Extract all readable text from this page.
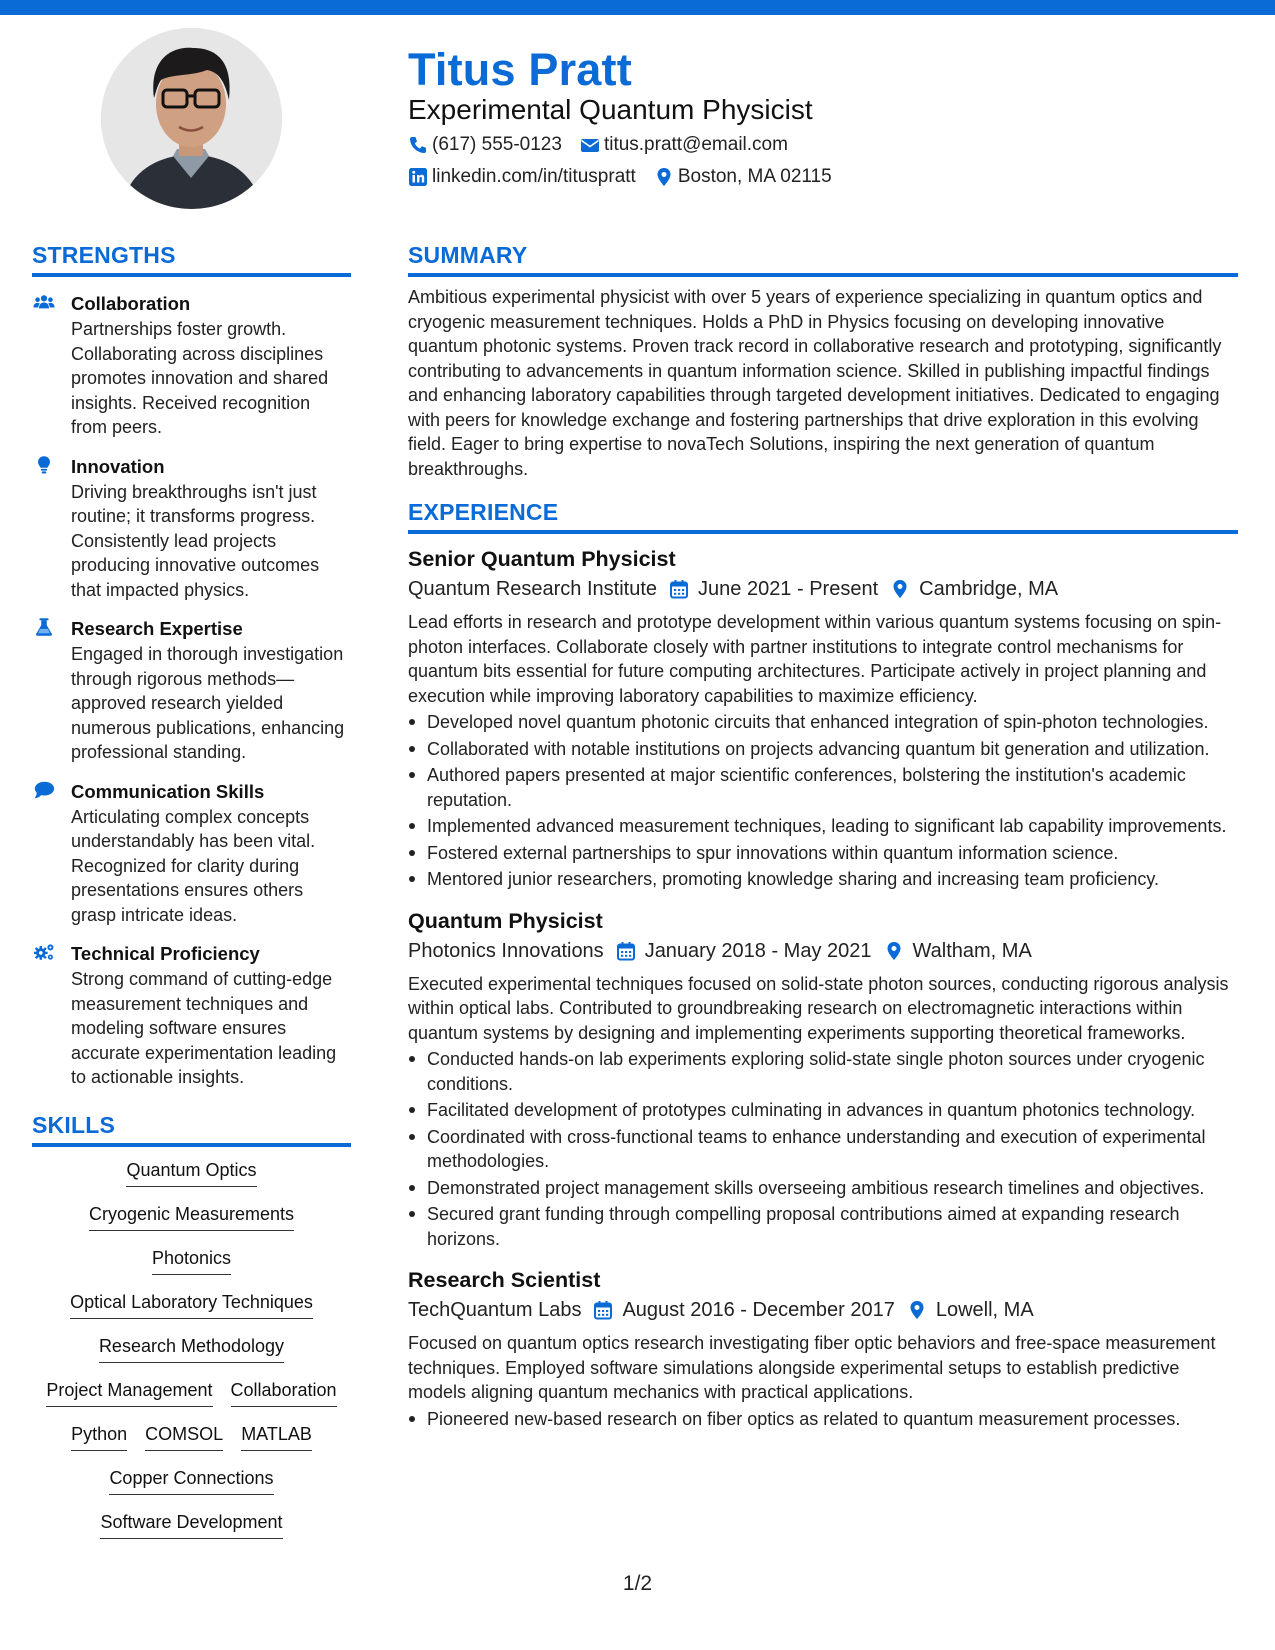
Titus Pratt
Experimental Quantum Physicist
(617) 555-0123 titus.pratt@email.com
linkedin.com/in/tituspratt Boston, MA 02115
STRENGTHS
Collaboration
Partnerships foster growth. Collaborating across disciplines promotes innovation and shared insights. Received recognition from peers.
Innovation
Driving breakthroughs isn't just routine; it transforms progress. Consistently lead projects producing innovative outcomes that impacted physics.
Research Expertise
Engaged in thorough investigation through rigorous methods—approved research yielded numerous publications, enhancing professional standing.
Communication Skills
Articulating complex concepts understandably has been vital. Recognized for clarity during presentations ensures others grasp intricate ideas.
Technical Proficiency
Strong command of cutting-edge measurement techniques and modeling software ensures accurate experimentation leading to actionable insights.
SKILLS
Quantum Optics
Cryogenic Measurements
Photonics
Optical Laboratory Techniques
Research Methodology
Project Management Collaboration
Python COMSOL MATLAB
Copper Connections
Software Development
SUMMARY
Ambitious experimental physicist with over 5 years of experience specializing in quantum optics and cryogenic measurement techniques. Holds a PhD in Physics focusing on developing innovative quantum photonic systems. Proven track record in collaborative research and prototyping, significantly contributing to advancements in quantum information science. Skilled in publishing impactful findings and enhancing laboratory capabilities through targeted development initiatives. Dedicated to engaging with peers for knowledge exchange and fostering partnerships that drive exploration in this evolving field. Eager to bring expertise to novaTech Solutions, inspiring the next generation of quantum breakthroughs.
EXPERIENCE
Senior Quantum Physicist
Quantum Research Institute June 2021 - Present Cambridge, MA
Lead efforts in research and prototype development within various quantum systems focusing on spin-photon interfaces. Collaborate closely with partner institutions to integrate control mechanisms for quantum bits essential for future computing architectures. Participate actively in project planning and execution while improving laboratory capabilities to maximize efficiency.
Developed novel quantum photonic circuits that enhanced integration of spin-photon technologies.
Collaborated with notable institutions on projects advancing quantum bit generation and utilization.
Authored papers presented at major scientific conferences, bolstering the institution's academic reputation.
Implemented advanced measurement techniques, leading to significant lab capability improvements.
Fostered external partnerships to spur innovations within quantum information science.
Mentored junior researchers, promoting knowledge sharing and increasing team proficiency.
Quantum Physicist
Photonics Innovations January 2018 - May 2021 Waltham, MA
Executed experimental techniques focused on solid-state photon sources, conducting rigorous analysis within optical labs. Contributed to groundbreaking research on electromagnetic interactions within quantum systems by designing and implementing experiments supporting theoretical frameworks.
Conducted hands-on lab experiments exploring solid-state single photon sources under cryogenic conditions.
Facilitated development of prototypes culminating in advances in quantum photonics technology.
Coordinated with cross-functional teams to enhance understanding and execution of experimental methodologies.
Demonstrated project management skills overseeing ambitious research timelines and objectives.
Secured grant funding through compelling proposal contributions aimed at expanding research horizons.
Research Scientist
TechQuantum Labs August 2016 - December 2017 Lowell, MA
Focused on quantum optics research investigating fiber optic behaviors and free-space measurement techniques. Employed software simulations alongside experimental setups to establish predictive models aligning quantum mechanics with practical applications.
Pioneered new-based research on fiber optics as related to quantum measurement processes.
1/2
